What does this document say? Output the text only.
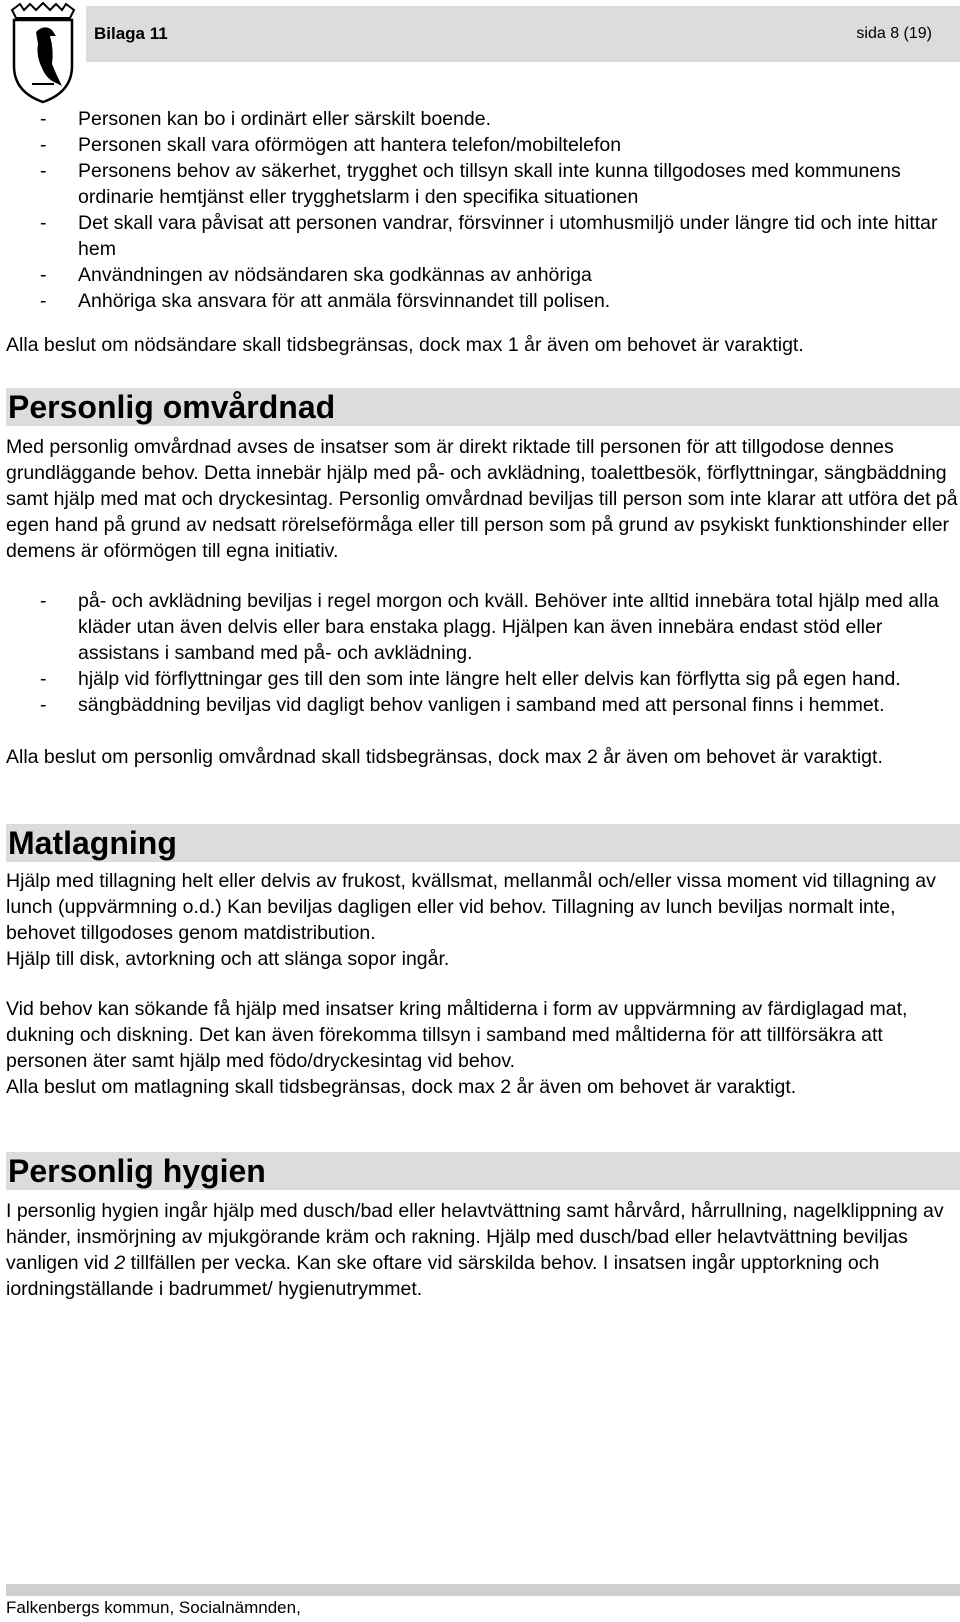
Bilaga 11	sida 8 (19)
- Personen kan bo i ordinärt eller särskilt boende.
- Personen skall vara oförmögen att hantera telefon/mobiltelefon
- Personens behov av säkerhet, trygghet och tillsyn skall inte kunna tillgodoses med kommunens ordinarie hemtjänst eller trygghetslarm i den specifika situationen
- Det skall vara påvisat att personen vandrar, försvinner i utomhusmiljö under längre tid och inte hittar hem
- Användningen av nödsändaren ska godkännas av anhöriga
- Anhöriga ska ansvara för att anmäla försvinnandet till polisen.

Alla beslut om nödsändare skall tidsbegränsas, dock max 1 år även om behovet är varaktigt.

Personlig omvårdnad

Med personlig omvårdnad avses de insatser som är direkt riktade till personen för att tillgodose dennes grundläggande behov. Detta innebär hjälp med på- och avklädning, toalettbesök, förflyttningar, sängbäddning samt hjälp med mat och dryckesintag. Personlig omvårdnad beviljas till person som inte klarar att utföra det på egen hand på grund av nedsatt rörelseförmåga eller till person som på grund av psykiskt funktionshinder eller demens är oförmögen till egna initiativ.

- på- och avklädning beviljas i regel morgon och kväll. Behöver inte alltid innebära total hjälp med alla kläder utan även delvis eller bara enstaka plagg. Hjälpen kan även innebära endast stöd eller assistans i samband med på- och avklädning.
- hjälp vid förflyttningar ges till den som inte längre helt eller delvis kan förflytta sig på egen hand.
- sängbäddning beviljas vid dagligt behov vanligen i samband med att personal finns i hemmet.

Alla beslut om personlig omvårdnad skall tidsbegränsas, dock max 2 år även om behovet är varaktigt.

Matlagning

Hjälp med tillagning helt eller delvis av frukost, kvällsmat, mellanmål och/eller vissa moment vid tillagning av lunch (uppvärmning o.d.) Kan beviljas dagligen eller vid behov. Tillagning av lunch beviljas normalt inte, behovet tillgodoses genom matdistribution.

Hjälp till disk, avtorkning och att slänga sopor ingår.

Vid behov kan sökande få hjälp med insatser kring måltiderna i form av uppvärmning av färdiglagad mat, dukning och diskning. Det kan även förekomma tillsyn i samband med måltiderna för att tillförsäkra att personen äter samt hjälp med födo/dryckesintag vid behov.

Alla beslut om matlagning skall tidsbegränsas, dock max 2 år även om behovet är varaktigt.

Personlig hygien

I personlig hygien ingår hjälp med dusch/bad eller helavtvättning samt hårvård, hårrullning, nagelklippning av händer, insmörjning av mjukgörande kräm och rakning. Hjälp med dusch/bad eller helavtvättning beviljas vanligen vid 2 tillfällen per vecka. Kan ske oftare vid särskilda behov. I insatsen ingår upptorkning och iordningställande i badrummet/ hygienutrymmet.

Falkenbergs kommun, Socialnämnden,
